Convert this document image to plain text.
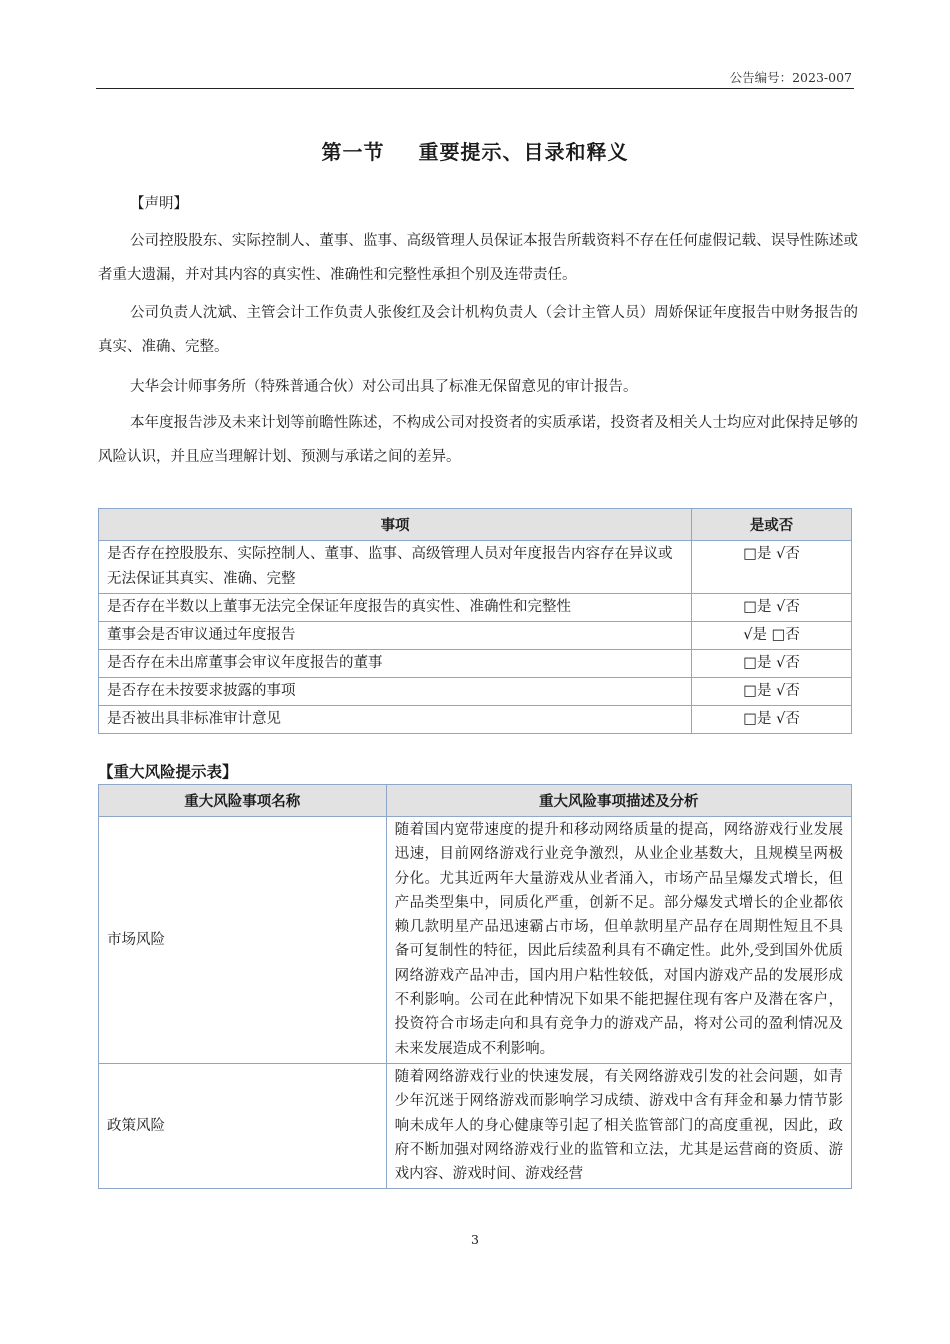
公告编号：2023-007
第一节 重要提示、目录和释义
【声明】
公司控股股东、实际控制人、董事、监事、高级管理人员保证本报告所载资料不存在任何虚假记载、误导性陈述或者重大遗漏，并对其内容的真实性、准确性和完整性承担个别及连带责任。
公司负责人沈斌、主管会计工作负责人张俊红及会计机构负责人（会计主管人员）周娇保证年度报告中财务报告的真实、准确、完整。
大华会计师事务所（特殊普通合伙）对公司出具了标准无保留意见的审计报告。
本年度报告涉及未来计划等前瞻性陈述，不构成公司对投资者的实质承诺，投资者及相关人士均应对此保持足够的风险认识，并且应当理解计划、预测与承诺之间的差异。
事项	是或否
是否存在控股股东、实际控制人、董事、监事、高级管理人员对年度报告内容存在异议或无法保证其真实、准确、完整	□是 √否
是否存在半数以上董事无法完全保证年度报告的真实性、准确性和完整性	□是 √否
董事会是否审议通过年度报告	√是 □否
是否存在未出席董事会审议年度报告的董事	□是 √否
是否存在未按要求披露的事项	□是 √否
是否被出具非标准审计意见	□是 √否
【重大风险提示表】
重大风险事项名称	重大风险事项描述及分析
市场风险	随着国内宽带速度的提升和移动网络质量的提高，网络游戏行业发展迅速，目前网络游戏行业竞争激烈，从业企业基数大，且规模呈两极分化。尤其近两年大量游戏从业者涌入，市场产品呈爆发式增长，但产品类型集中，同质化严重，创新不足。部分爆发式增长的企业都依赖几款明星产品迅速霸占市场，但单款明星产品存在周期性短且不具备可复制性的特征，因此后续盈利具有不确定性。此外,受到国外优质网络游戏产品冲击，国内用户粘性较低，对国内游戏产品的发展形成不利影响。公司在此种情况下如果不能把握住现有客户及潜在客户，投资符合市场走向和具有竞争力的游戏产品，将对公司的盈利情况及未来发展造成不利影响。
政策风险	随着网络游戏行业的快速发展，有关网络游戏引发的社会问题，如青少年沉迷于网络游戏而影响学习成绩、游戏中含有拜金和暴力情节影响未成年人的身心健康等引起了相关监管部门的高度重视，因此，政府不断加强对网络游戏行业的监管和立法，尤其是运营商的资质、游戏内容、游戏时间、游戏经营
3
